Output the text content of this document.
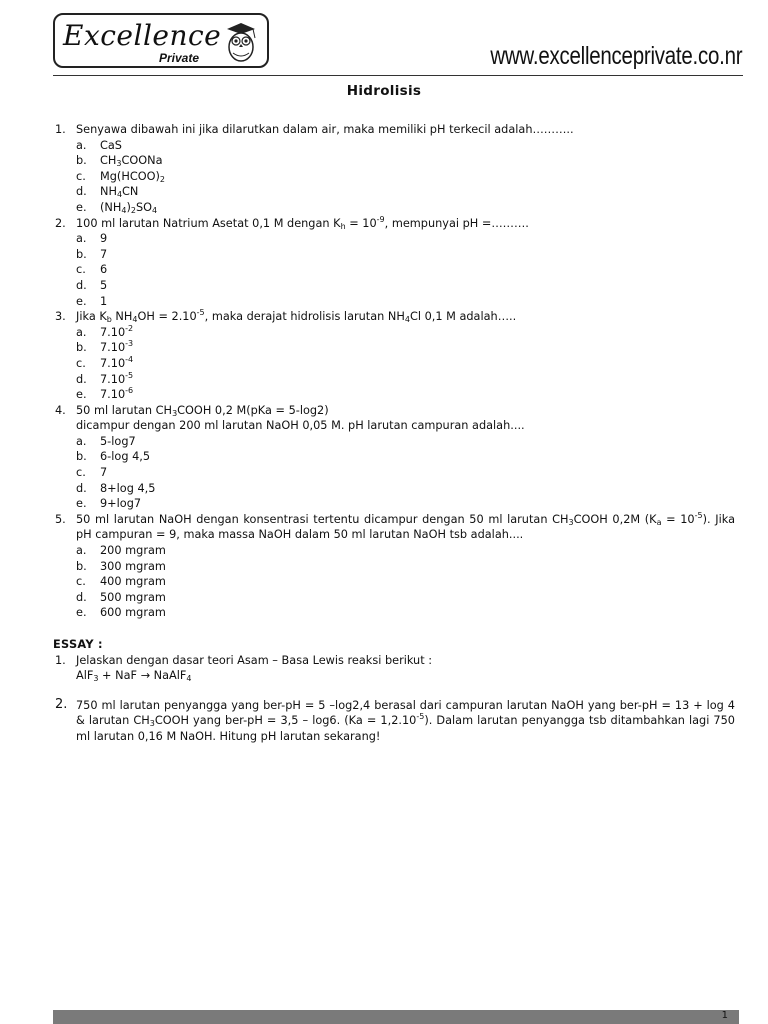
Excellence
Private	www.excellenceprivate.co.nr
Hidrolisis
1. Senyawa dibawah ini jika dilarutkan dalam air, maka memiliki pH terkecil adalah………..
a. CaS
b. $CH_3COONa$
c. $Mg(HCOO)_2$
d. $NH_4CN$
e. $(NH_4)_2SO_4$
2. 100 ml larutan Natrium Asetat 0,1 M dengan $K_h = 10^{-9}$, mempunyai pH =……….
a. 9
b. 7
c. 6
d. 5
e. 1
3. Jika $K_b$ $NH_4OH = 2.10^{-5}$, maka derajat hidrolisis larutan $NH_4Cl$ 0,1 M adalah…..
a. $7.10^{-2}$
b. $7.10^{-3}$
c. $7.10^{-4}$
d. $7.10^{-5}$
e. $7.10^{-6}$
4. 50 ml larutan $CH_3COOH$ 0,2 M(pKa = 5-log2)
dicampur dengan 200 ml larutan NaOH 0,05 M. pH larutan campuran adalah....
a. 5-log7
b. 6-log 4,5
c. 7
d. 8+log 4,5
e. 9+log7
5. 50 ml larutan NaOH dengan konsentrasi tertentu dicampur dengan 50 ml larutan $CH_3COOH$ 0,2M $(K_a = 10^{-5})$. Jika pH campuran = 9, maka massa NaOH dalam 50 ml larutan NaOH tsb adalah....
a. 200 mgram
b. 300 mgram
c. 400 mgram
d. 500 mgram
e. 600 mgram
ESSAY :
1. Jelaskan dengan dasar teori Asam – Basa Lewis reaksi berikut :
AlF$_3$ + NaF → NaAlF$_4$
2. 750 ml larutan penyangga yang ber-pH = 5 –log2,4 berasal dari campuran larutan NaOH yang ber-pH = 13 + log 4 & larutan $CH_3COOH$ yang ber-pH = 3,5 – log6. $(Ka = 1,2.10^{-5})$. Dalam larutan penyangga tsb ditambahkan lagi 750 ml larutan 0,16 M NaOH. Hitung pH larutan sekarang!
1
